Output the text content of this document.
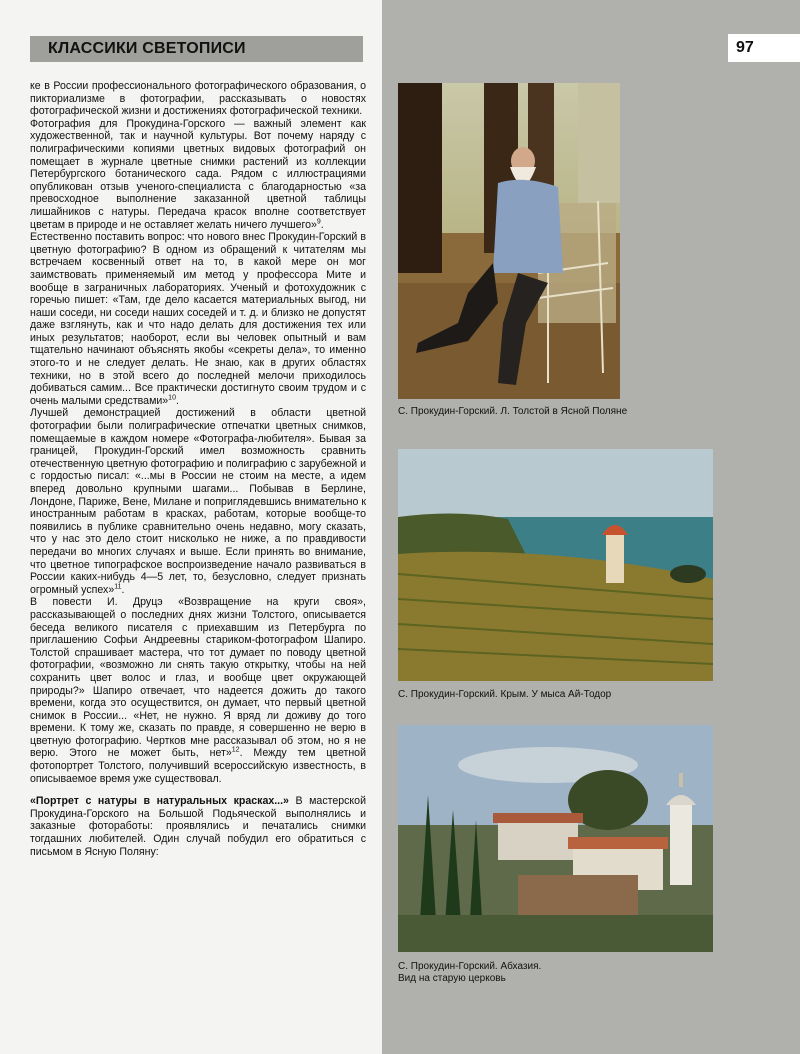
КЛАССИКИ СВЕТОПИСИ	97

ке в России профессионального фотографического образования, о пикториализме в фотографии, рассказывать о новостях фотографической жизни и достижениях фотографической техники.

Фотография для Прокудина-Горского — важный элемент как художественной, так и научной культуры. Вот почему наряду с полиграфическими копиями цветных видовых фотографий он помещает в журнале цветные снимки растений из коллекции Петербургского ботанического сада. Рядом с иллюстрациями опубликован отзыв ученого-специалиста с благодарностью «за превосходное выполнение заказанной цветной таблицы лишайников с натуры. Передача красок вполне соответствует цветам в природе и не оставляет желать ничего лучшего»$^9$.

Естественно поставить вопрос: что нового внес Прокудин-Горский в цветную фотографию? В одном из обращений к читателям мы встречаем косвенный ответ на то, в какой мере он мог заимствовать применяемый им метод у профессора Мите и вообще в заграничных лабораториях. Ученый и фотохудожник с горечью пишет: «Там, где дело касается материальных выгод, ни наши соседи, ни соседи наших соседей и т. д. и близко не допустят даже взглянуть, как и что надо делать для достижения тех или иных результатов; наоборот, если вы человек опытный и вам тщательно начинают объяснять якобы «секреты дела», то именно этого-то и не следует делать. Не знаю, как в других областях техники, но в этой всего до последней мелочи приходилось добиваться самим... Все практически достигнуто своим трудом и с очень малыми средствами»$^{10}$.

Лучшей демонстрацией достижений в области цветной фотографии были полиграфические отпечатки цветных снимков, помещаемые в каждом номере «Фотографа-любителя». Бывая за границей, Прокудин-Горский имел возможность сравнить отечественную цветную фотографию и полиграфию с зарубежной и с гордостью писал: «...мы в России не стоим на месте, а идем вперед довольно крупными шагами... Побывав в Берлине, Лондоне, Париже, Вене, Милане и поприглядевшись внимательно к иностранным работам в красках, работам, которые вообще-то появились в публике сравнительно очень недавно, могу сказать, что у нас это дело стоит нисколько не ниже, а по правдивости передачи во многих случаях и выше. Если принять во внимание, что цветное типографское воспроизведение начало развиваться в России каких-нибудь 4—5 лет, то, безусловно, следует признать огромный успех»$^{11}$.

В повести И. Друцэ «Возвращение на круги своя», рассказывающей о последних днях жизни Толстого, описывается беседа великого писателя с приехавшим из Петербурга по приглашению Софьи Андреевны стариком-фотографом Шапиро. Толстой спрашивает мастера, что тот думает по поводу цветной фотографии, «возможно ли снять такую открытку, чтобы на ней сохранить цвет волос и глаз, и вообще цвет окружающей природы?» Шапиро отвечает, что надеется дожить до такого времени, когда это осуществится, он думает, что первый цветной снимок в России... «Нет, не нужно. Я вряд ли доживу до того времени. К тому же, сказать по правде, я совершенно не верю в цветную фотографию. Чертков мне рассказывал об этом, но я не верю. Этого не может быть, нет»$^{12}$. Между тем цветной фотопортрет Толстого, получивший всероссийскую известность, в описываемое время уже существовал.

«Портрет с натуры в натуральных красках...» В мастерской Прокудина-Горского на Большой Подьяческой выполнялись и заказные фотоработы: проявлялись и печатались снимки тогдашних любителей. Один случай побудил его обратиться с письмом в Ясную Поляну:

С. Прокудин-Горский. Л. Толстой в Ясной Поляне
С. Прокудин-Горский. Крым. У мыса Ай-Тодор
С. Прокудин-Горский. Абхазия.
Вид на старую церковь
